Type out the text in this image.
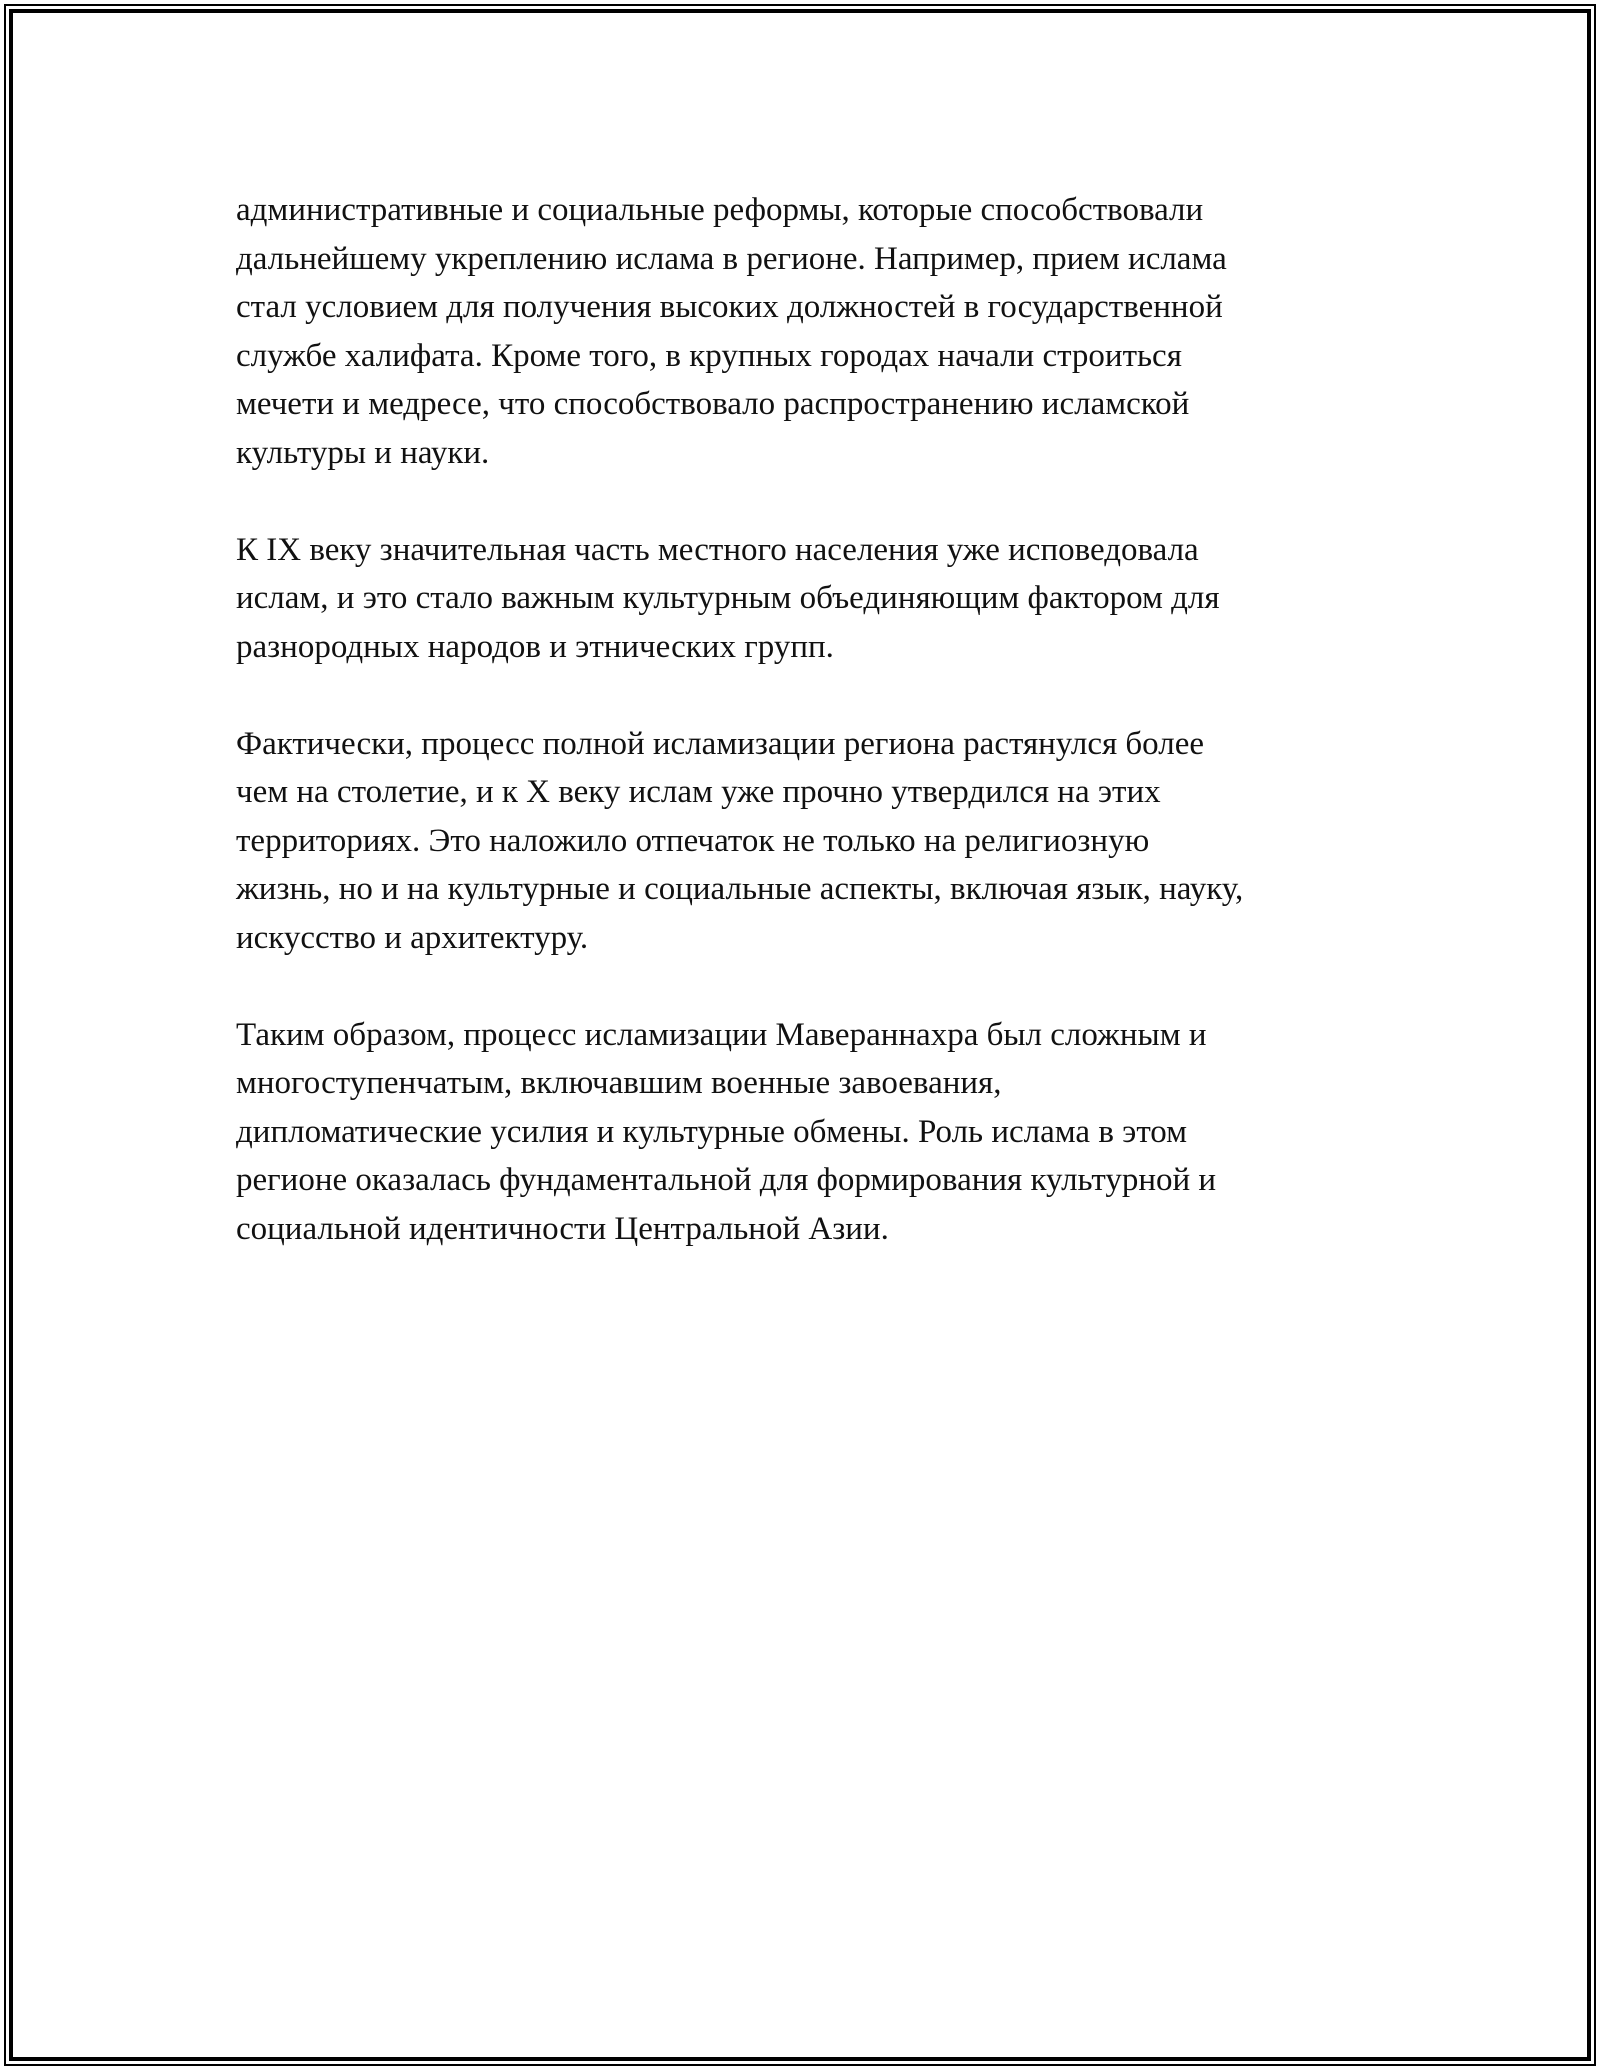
административные и социальные реформы, которые способствовали
дальнейшему укреплению ислама в регионе. Например, прием ислама
стал условием для получения высоких должностей в государственной
службе халифата. Кроме того, в крупных городах начали строиться
мечети и медресе, что способствовало распространению исламской
культуры и науки.

К IX веку значительная часть местного населения уже исповедовала
ислам, и это стало важным культурным объединяющим фактором для
разнородных народов и этнических групп.

Фактически, процесс полной исламизации региона растянулся более
чем на столетие, и к X веку ислам уже прочно утвердился на этих
территориях. Это наложило отпечаток не только на религиозную
жизнь, но и на культурные и социальные аспекты, включая язык, науку,
искусство и архитектуру.

Таким образом, процесс исламизации Мавераннахра был сложным и
многоступенчатым, включавшим военные завоевания,
дипломатические усилия и культурные обмены. Роль ислама в этом
регионе оказалась фундаментальной для формирования культурной и
социальной идентичности Центральной Азии.
